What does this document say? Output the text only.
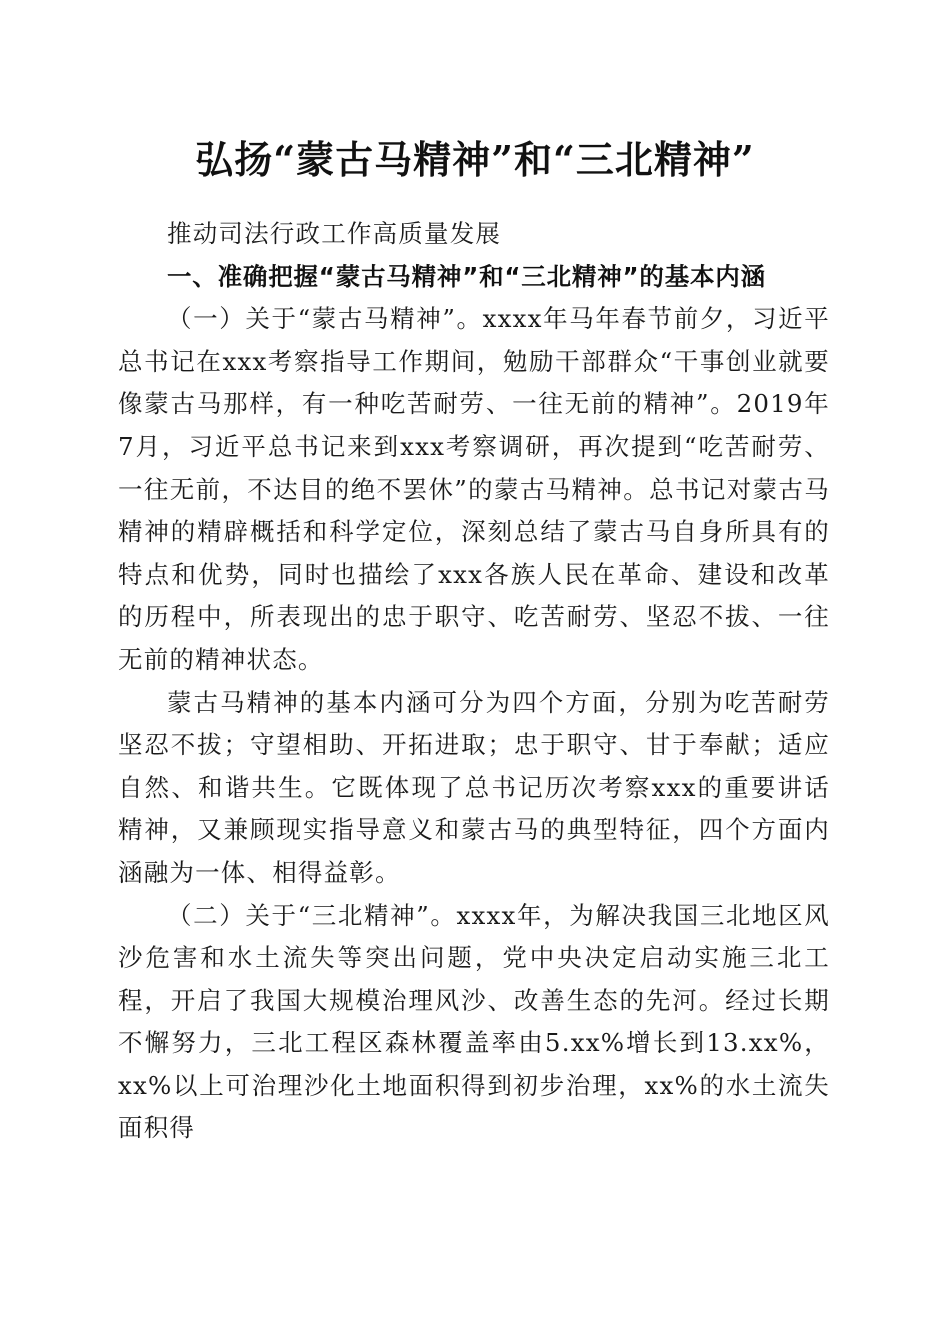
弘扬“蒙古马精神”和“三北精神”

推动司法行政工作高质量发展

一、准确把握“蒙古马精神”和“三北精神”的基本内涵

（一）关于“蒙古马精神”。xxxx年马年春节前夕，习近平总书记在xxx考察指导工作期间，勉励干部群众“干事创业就要像蒙古马那样，有一种吃苦耐劳、一往无前的精神”。2019年7月，习近平总书记来到xxx考察调研，再次提到“吃苦耐劳、一往无前，不达目的绝不罢休”的蒙古马精神。总书记对蒙古马精神的精辟概括和科学定位，深刻总结了蒙古马自身所具有的特点和优势，同时也描绘了xxx各族人民在革命、建设和改革的历程中，所表现出的忠于职守、吃苦耐劳、坚忍不拔、一往无前的精神状态。

蒙古马精神的基本内涵可分为四个方面，分别为吃苦耐劳坚忍不拔；守望相助、开拓进取；忠于职守、甘于奉献；适应自然、和谐共生。它既体现了总书记历次考察xxx的重要讲话精神，又兼顾现实指导意义和蒙古马的典型特征，四个方面内涵融为一体、相得益彰。

（二）关于“三北精神”。xxxx年，为解决我国三北地区风沙危害和水土流失等突出问题，党中央决定启动实施三北工程，开启了我国大规模治理风沙、改善生态的先河。经过长期不懈努力，三北工程区森林覆盖率由5.xx%增长到13.xx%，xx%以上可治理沙化土地面积得到初步治理，xx%的水土流失面积得
